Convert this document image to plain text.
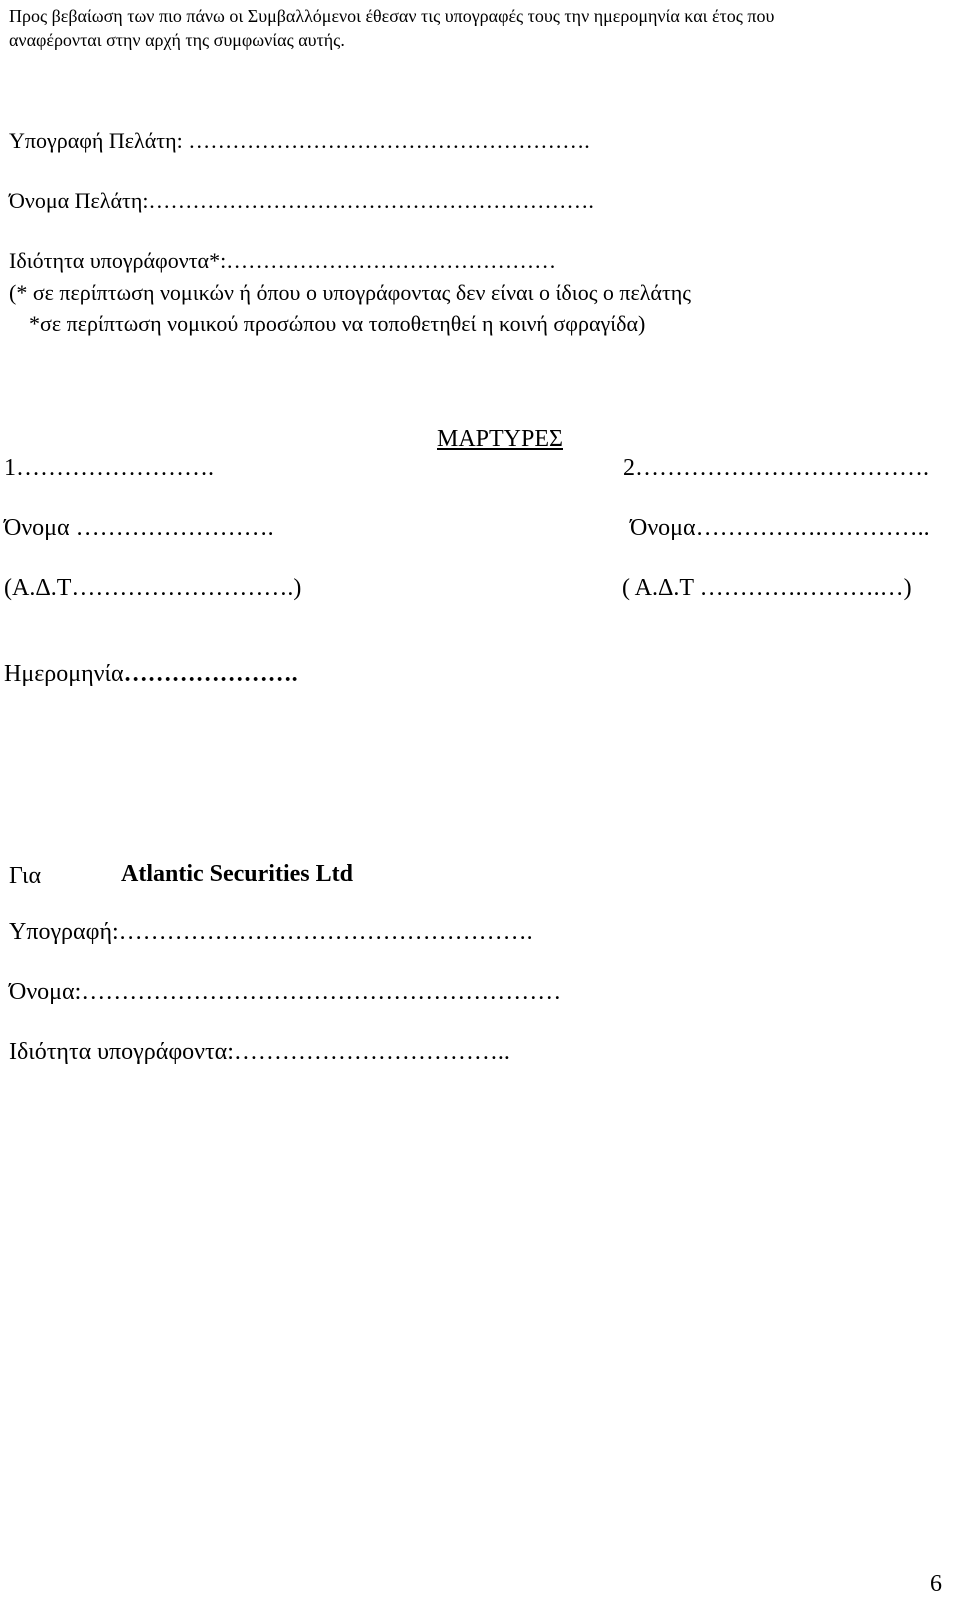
Προς βεβαίωση των πιο πάνω οι Συμβαλλόμενοι έθεσαν τις υπογραφές τους την ημερομηνία και έτος που
αναφέρονται στην αρχή της συμφωνίας αυτής.
Υπογραφή Πελάτη: ……………………………………………….
Όνομα Πελάτη:…………………………………………………….
Ιδιότητα υπογράφοντα*:………………………………………
(* σε περίπτωση νομικών ή όπου ο υπογράφοντας δεν είναι ο ίδιος ο πελάτης
*σε περίπτωση νομικού προσώπου να τοποθετηθεί η κοινή σφραγίδα)
ΜΑΡΤΥΡΕΣ
1…………………….	2……………………………….
Όνομα …………………….	Όνομα…………….…………..
(Α.Δ.Τ……………………….)	( Α.Δ.Τ ………….……….…)
Ημερομηνία………………….
Για	Atlantic Securities Ltd
Υπογραφή:…………………………………………….
Όνομα:……………………………………………………
Ιδιότητα υπογράφοντα:……………………………..
6
